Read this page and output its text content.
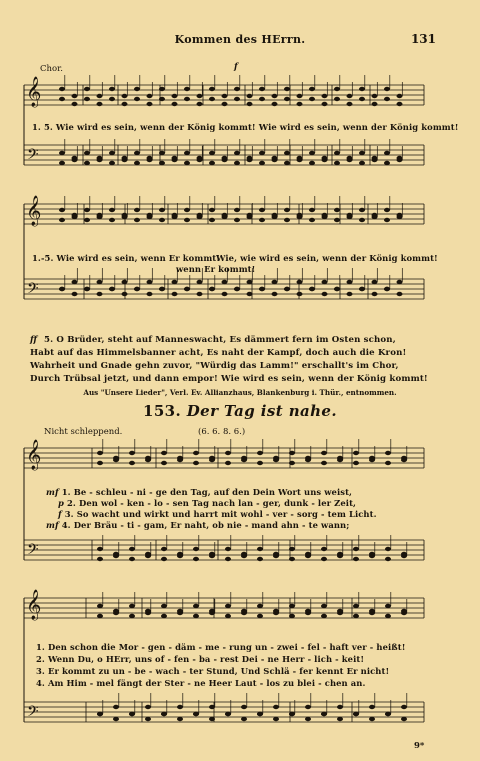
𝄞
𝄢
𝄞
𝄢
𝄞
𝄢
𝄞
𝄢
Kommen des HErrn.	131
Chor.	f
1. 5. Wie wird es sein, wenn der König kommt! Wie wird es sein, wenn der König kommt!
1.-5. Wie wird es sein, wenn Er kommt!
Wie, wie wird es sein, wenn der König kommt!
wenn Er kommt!
ff 5. O Brüder, steht auf Manneswacht, Es dämmert fern im Osten schon,
Habt auf das Himmelsbanner acht, Es naht der Kampf, doch auch die Kron!
Wahrheit und Gnade gehn zuvor, "Würdig das Lamm!" erschallt's im Chor,
Durch Trübsal jetzt, und dann empor! Wie wird es sein, wenn der König kommt!
Aus "Unsere Lieder", Verl. Ev. Allianzhaus, Blankenburg i. Thür., entnommen.
153. Der Tag ist nahe.
Nicht schleppend.	(6. 6. 8. 6.)
mf 1. Be - schleu - ni - ge den Tag, auf den Dein Wort uns weist,
p 2. Den wol - ken - lo - sen Tag nach lan - ger, dunk - ler Zeit,
f 3. So wacht und wirkt und harrt mit wohl - ver - sorg - tem Licht.
mf 4. Der Bräu - ti - gam, Er naht, ob nie - mand ahn - te wann;
1. Den schon die Mor - gen - däm - me - rung un - zwei - fel - haft ver - heißt!
2. Wenn Du, o HErr, uns of - fen - ba - rest Dei - ne Herr - lich - keit!
3. Er kommt zu un - be - wach - ter Stund, Und Schlä - fer kennt Er nicht!
4. Am Him - mel fängt der Ster - ne Heer Laut - los zu blei - chen an.
9*
